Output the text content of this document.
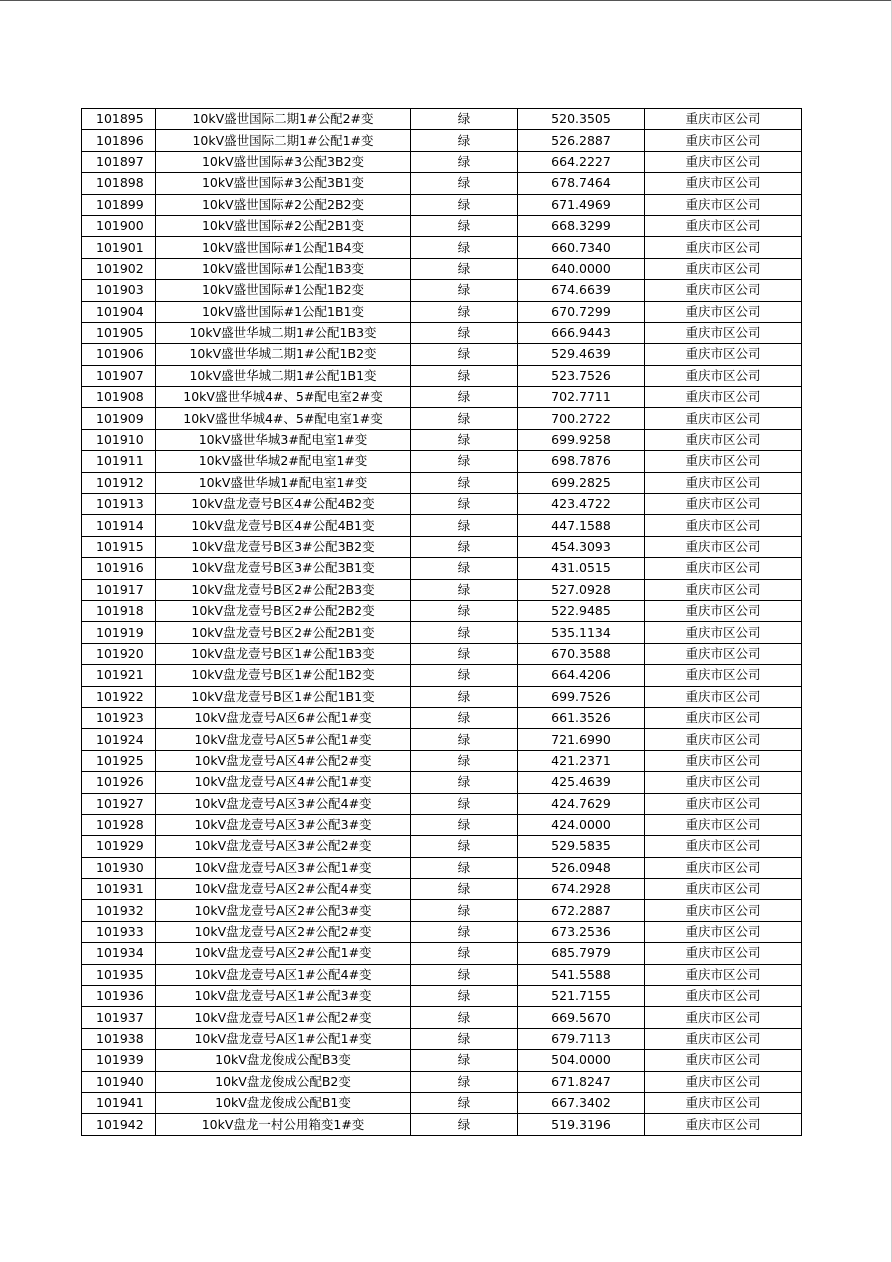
101895	10kV盛世国际二期1#公配2#变	绿	520.3505	重庆市区公司
101896	10kV盛世国际二期1#公配1#变	绿	526.2887	重庆市区公司
101897	10kV盛世国际#3公配3B2变	绿	664.2227	重庆市区公司
101898	10kV盛世国际#3公配3B1变	绿	678.7464	重庆市区公司
101899	10kV盛世国际#2公配2B2变	绿	671.4969	重庆市区公司
101900	10kV盛世国际#2公配2B1变	绿	668.3299	重庆市区公司
101901	10kV盛世国际#1公配1B4变	绿	660.7340	重庆市区公司
101902	10kV盛世国际#1公配1B3变	绿	640.0000	重庆市区公司
101903	10kV盛世国际#1公配1B2变	绿	674.6639	重庆市区公司
101904	10kV盛世国际#1公配1B1变	绿	670.7299	重庆市区公司
101905	10kV盛世华城二期1#公配1B3变	绿	666.9443	重庆市区公司
101906	10kV盛世华城二期1#公配1B2变	绿	529.4639	重庆市区公司
101907	10kV盛世华城二期1#公配1B1变	绿	523.7526	重庆市区公司
101908	10kV盛世华城4#、5#配电室2#变	绿	702.7711	重庆市区公司
101909	10kV盛世华城4#、5#配电室1#变	绿	700.2722	重庆市区公司
101910	10kV盛世华城3#配电室1#变	绿	699.9258	重庆市区公司
101911	10kV盛世华城2#配电室1#变	绿	698.7876	重庆市区公司
101912	10kV盛世华城1#配电室1#变	绿	699.2825	重庆市区公司
101913	10kV盘龙壹号B区4#公配4B2变	绿	423.4722	重庆市区公司
101914	10kV盘龙壹号B区4#公配4B1变	绿	447.1588	重庆市区公司
101915	10kV盘龙壹号B区3#公配3B2变	绿	454.3093	重庆市区公司
101916	10kV盘龙壹号B区3#公配3B1变	绿	431.0515	重庆市区公司
101917	10kV盘龙壹号B区2#公配2B3变	绿	527.0928	重庆市区公司
101918	10kV盘龙壹号B区2#公配2B2变	绿	522.9485	重庆市区公司
101919	10kV盘龙壹号B区2#公配2B1变	绿	535.1134	重庆市区公司
101920	10kV盘龙壹号B区1#公配1B3变	绿	670.3588	重庆市区公司
101921	10kV盘龙壹号B区1#公配1B2变	绿	664.4206	重庆市区公司
101922	10kV盘龙壹号B区1#公配1B1变	绿	699.7526	重庆市区公司
101923	10kV盘龙壹号A区6#公配1#变	绿	661.3526	重庆市区公司
101924	10kV盘龙壹号A区5#公配1#变	绿	721.6990	重庆市区公司
101925	10kV盘龙壹号A区4#公配2#变	绿	421.2371	重庆市区公司
101926	10kV盘龙壹号A区4#公配1#变	绿	425.4639	重庆市区公司
101927	10kV盘龙壹号A区3#公配4#变	绿	424.7629	重庆市区公司
101928	10kV盘龙壹号A区3#公配3#变	绿	424.0000	重庆市区公司
101929	10kV盘龙壹号A区3#公配2#变	绿	529.5835	重庆市区公司
101930	10kV盘龙壹号A区3#公配1#变	绿	526.0948	重庆市区公司
101931	10kV盘龙壹号A区2#公配4#变	绿	674.2928	重庆市区公司
101932	10kV盘龙壹号A区2#公配3#变	绿	672.2887	重庆市区公司
101933	10kV盘龙壹号A区2#公配2#变	绿	673.2536	重庆市区公司
101934	10kV盘龙壹号A区2#公配1#变	绿	685.7979	重庆市区公司
101935	10kV盘龙壹号A区1#公配4#变	绿	541.5588	重庆市区公司
101936	10kV盘龙壹号A区1#公配3#变	绿	521.7155	重庆市区公司
101937	10kV盘龙壹号A区1#公配2#变	绿	669.5670	重庆市区公司
101938	10kV盘龙壹号A区1#公配1#变	绿	679.7113	重庆市区公司
101939	10kV盘龙俊成公配B3变	绿	504.0000	重庆市区公司
101940	10kV盘龙俊成公配B2变	绿	671.8247	重庆市区公司
101941	10kV盘龙俊成公配B1变	绿	667.3402	重庆市区公司
101942	10kV盘龙一村公用箱变1#变	绿	519.3196	重庆市区公司
